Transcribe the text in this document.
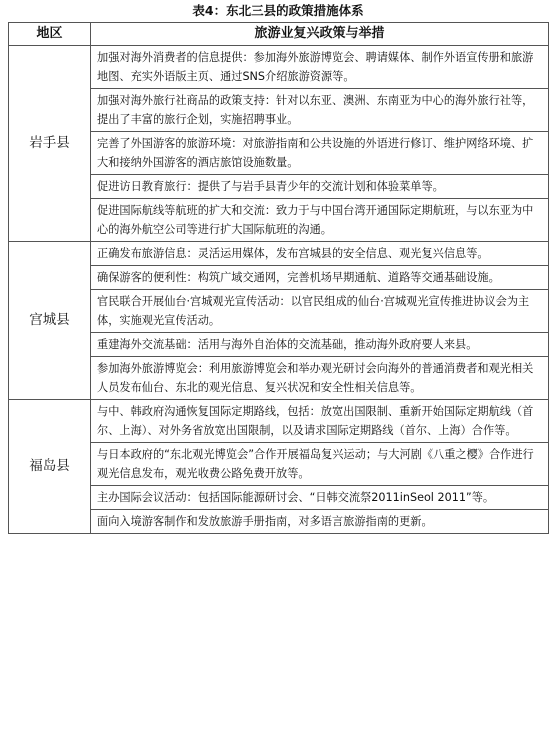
表4：东北三县的政策措施体系
地区	旅游业复兴政策与举措
岩手县	加强对海外消费者的信息提供：参加海外旅游博览会、聘请媒体、制作外语宣传册和旅游地图、充实外语版主页、通过SNS介绍旅游资源等。
	加强对海外旅行社商品的政策支持：针对以东亚、澳洲、东南亚为中心的海外旅行社等，提出了丰富的旅行企划，实施招聘事业。
	完善了外国游客的旅游环境：对旅游指南和公共设施的外语进行修订、维护网络环境、扩大和接纳外国游客的酒店旅馆设施数量。
	促进访日教育旅行：提供了与岩手县青少年的交流计划和体验菜单等。
	促进国际航线等航班的扩大和交流：致力于与中国台湾开通国际定期航班，与以东亚为中心的海外航空公司等进行扩大国际航班的沟通。
宫城县	正确发布旅游信息：灵活运用媒体，发布宫城县的安全信息、观光复兴信息等。
	确保游客的便利性：构筑广域交通网，完善机场早期通航、道路等交通基础设施。
	官民联合开展仙台·宫城观光宣传活动：以官民组成的仙台·宫城观光宣传推进协议会为主体，实施观光宣传活动。
	重建海外交流基础：活用与海外自治体的交流基础，推动海外政府要人来县。
	参加海外旅游博览会：利用旅游博览会和举办观光研讨会向海外的普通消费者和观光相关人员发布仙台、东北的观光信息、复兴状况和安全性相关信息等。
福岛县	与中、韩政府沟通恢复国际定期路线，包括：放宽出国限制、重新开始国际定期航线（首尔、上海）、对外务省放宽出国限制，以及请求国际定期路线（首尔、上海）合作等。
	与日本政府的“东北观光博览会”合作开展福岛复兴运动；与大河剧《八重之樱》合作进行观光信息发布，观光收费公路免费开放等。
	主办国际会议活动：包括国际能源研讨会、“日韩交流祭2011inSeol 2011”等。
	面向入境游客制作和发放旅游手册指南，对多语言旅游指南的更新。
